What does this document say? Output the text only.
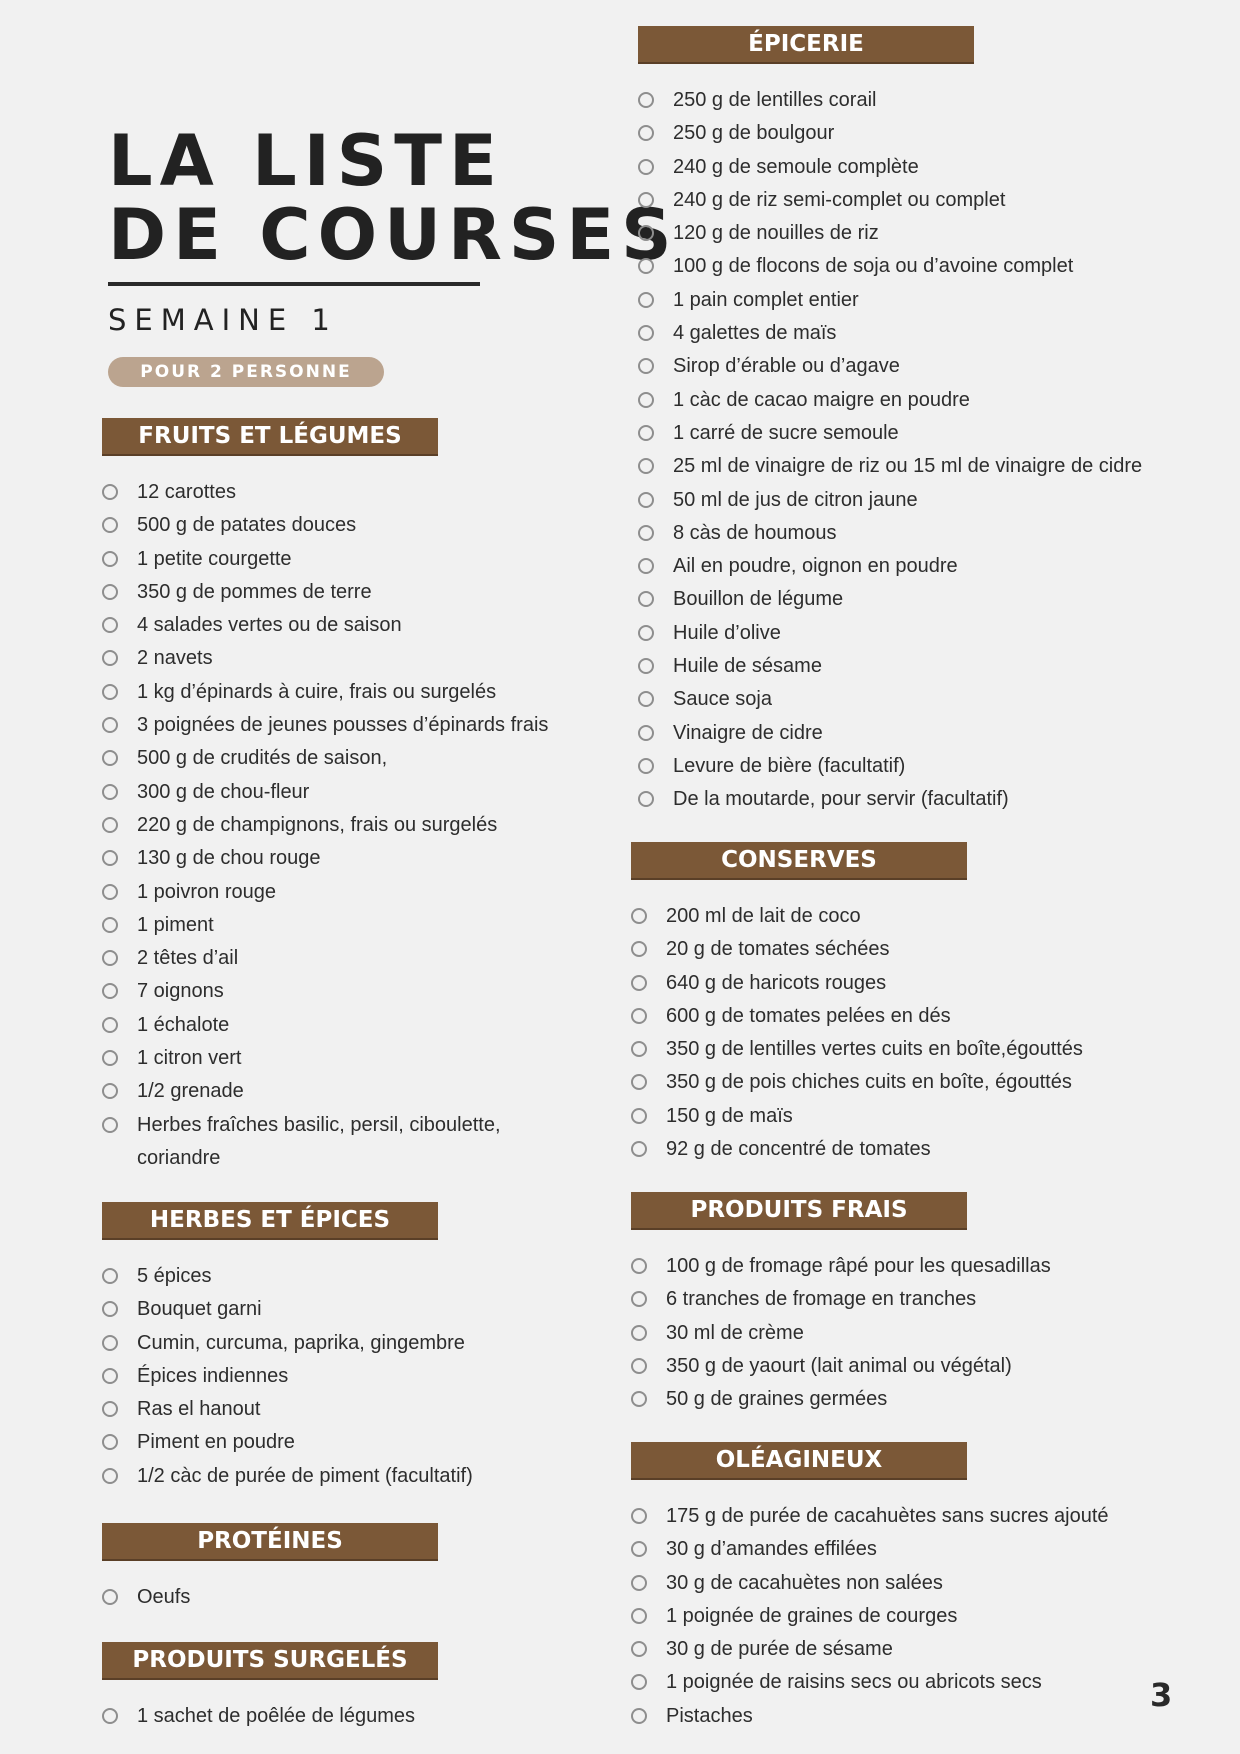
LA LISTE
DE COURSES
SEMAINE 1
POUR 2 PERSONNE
FRUITS ET LÉGUMES
12 carottes
500 g de patates douces
1 petite courgette
350 g de pommes de terre
4 salades vertes ou de saison
2 navets
1 kg d’épinards à cuire, frais ou surgelés
3 poignées de jeunes pousses d’épinards frais
500 g de crudités de saison,
300 g de chou-fleur
220 g de champignons, frais ou surgelés
130 g de chou rouge
1 poivron rouge
1 piment
2 têtes d’ail
7 oignons
1 échalote
1 citron vert
1/2 grenade
Herbes fraîches basilic, persil, ciboulette, coriandre
HERBES ET ÉPICES
5 épices
Bouquet garni
Cumin, curcuma, paprika, gingembre
Épices indiennes
Ras el hanout
Piment en poudre
1/2 càc de purée de piment (facultatif)
PROTÉINES
Oeufs
PRODUITS SURGELÉS
1 sachet de poêlée de légumes
ÉPICERIE
250 g de lentilles corail
250 g de boulgour
240 g de semoule complète
240 g de riz semi-complet ou complet
120 g de nouilles de riz
100 g de flocons de soja ou d’avoine complet
1 pain complet entier
4 galettes de maïs
Sirop d’érable ou d’agave
1 càc de cacao maigre en poudre
1 carré de sucre semoule
25 ml de vinaigre de riz ou 15 ml de vinaigre de cidre
50 ml de jus de citron jaune
8 càs de houmous
Ail en poudre, oignon en poudre
Bouillon de légume
Huile d’olive
Huile de sésame
Sauce soja
Vinaigre de cidre
Levure de bière (facultatif)
De la moutarde, pour servir (facultatif)
CONSERVES
200 ml de lait de coco
20 g de tomates séchées
640 g de haricots rouges
600 g de tomates pelées en dés
350 g de lentilles vertes cuits en boîte,égouttés
350 g de pois chiches cuits en boîte, égouttés
150 g de maïs
92 g de concentré de tomates
PRODUITS FRAIS
100 g de fromage râpé pour les quesadillas
6 tranches de fromage en tranches
30 ml de crème
350 g de yaourt (lait animal ou végétal)
50 g de graines germées
OLÉAGINEUX
175 g de purée de cacahuètes sans sucres ajouté
30 g d’amandes effilées
30 g de cacahuètes non salées
1 poignée de graines de courges
30 g de purée de sésame
1 poignée de raisins secs ou abricots secs
Pistaches
3
